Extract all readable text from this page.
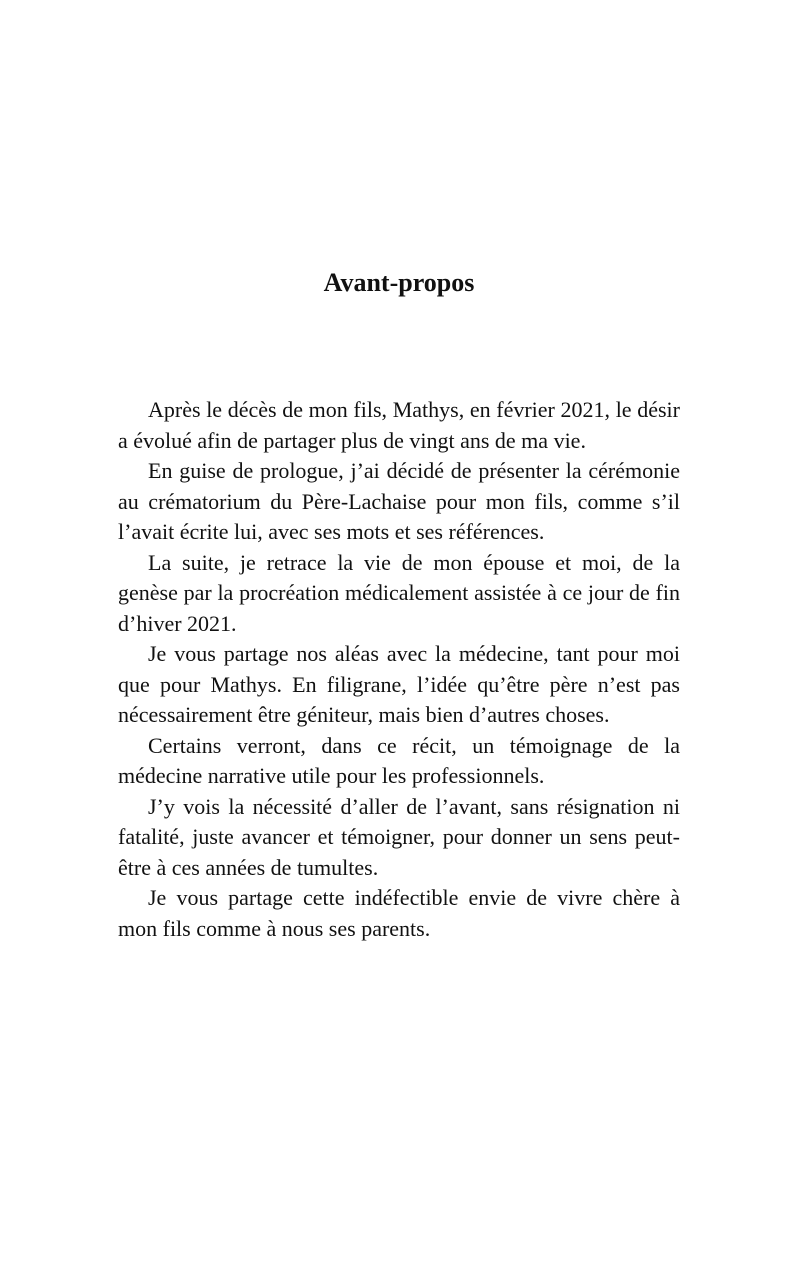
Avant-propos

Après le décès de mon fils, Mathys, en février 2021, le désir a évolué afin de partager plus de vingt ans de ma vie.

En guise de prologue, j’ai décidé de présenter la cérémonie au crématorium du Père-Lachaise pour mon fils, comme s’il l’avait écrite lui, avec ses mots et ses références.

La suite, je retrace la vie de mon épouse et moi, de la genèse par la procréation médicalement assistée à ce jour de fin d’hiver 2021.

Je vous partage nos aléas avec la médecine, tant pour moi que pour Mathys. En filigrane, l’idée qu’être père n’est pas nécessairement être géniteur, mais bien d’autres choses.

Certains verront, dans ce récit, un témoignage de la médecine narrative utile pour les professionnels.

J’y vois la nécessité d’aller de l’avant, sans résignation ni fatalité, juste avancer et témoigner, pour donner un sens peut-être à ces années de tumultes.

Je vous partage cette indéfectible envie de vivre chère à mon fils comme à nous ses parents.
